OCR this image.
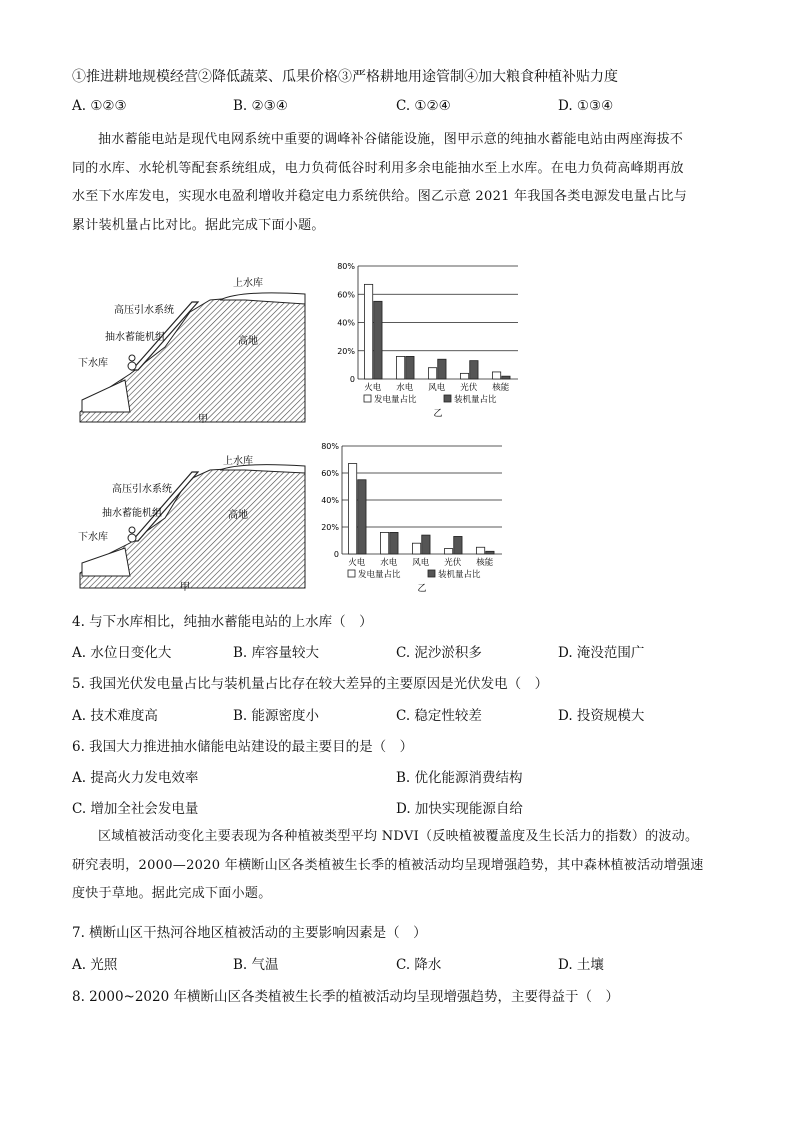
①推进耕地规模经营②降低蔬菜、瓜果价格③严格耕地用途管制④加大粮食种植补贴力度
A. ①②③	B. ②③④	C. ①②④	D. ①③④

抽水蓄能电站是现代电网系统中重要的调峰补谷储能设施，图甲示意的纯抽水蓄能电站由两座海拔不

同的水库、水轮机等配套系统组成，电力负荷低谷时利用多余电能抽水至上水库。在电力负荷高峰期再放

水至下水库发电，实现水电盈利增收并稳定电力系统供给。图乙示意 2021 年我国各类电源发电量占比与

累计装机量占比对比。据此完成下面小题。

上水库
高压引水系统
抽水蓄能机组	高地
下水库
甲
0
20%
40%
60%
80%
火电 水电 风电 光伏 核能
发电量占比	装机量占比
乙
上水库
高压引水系统
抽水蓄能机组	高地
下水库
甲
0
20%
40%
60%
80%
火电 水电 风电 光伏 核能
发电量占比	装机量占比
乙
4. 与下水库相比，纯抽水蓄能电站的上水库（　）
A. 水位日变化大	B. 库容量较大	C. 泥沙淤积多	D. 淹没范围广
5. 我国光伏发电量占比与装机量占比存在较大差异的主要原因是光伏发电（　）
A. 技术难度高	B. 能源密度小	C. 稳定性较差	D. 投资规模大
6. 我国大力推进抽水储能电站建设的最主要目的是（　）
A. 提高火力发电效率	B. 优化能源消费结构
C. 增加全社会发电量	D. 加快实现能源自给

区域植被活动变化主要表现为各种植被类型平均 NDVI（反映植被覆盖度及生长活力的指数）的波动。

研究表明，2000—2020 年横断山区各类植被生长季的植被活动均呈现增强趋势，其中森林植被活动增强速

度快于草地。据此完成下面小题。

7. 横断山区干热河谷地区植被活动的主要影响因素是（　）
A. 光照	B. 气温	C. 降水	D. 土壤
8. 2000~2020 年横断山区各类植被生长季的植被活动均呈现增强趋势，主要得益于（　）
